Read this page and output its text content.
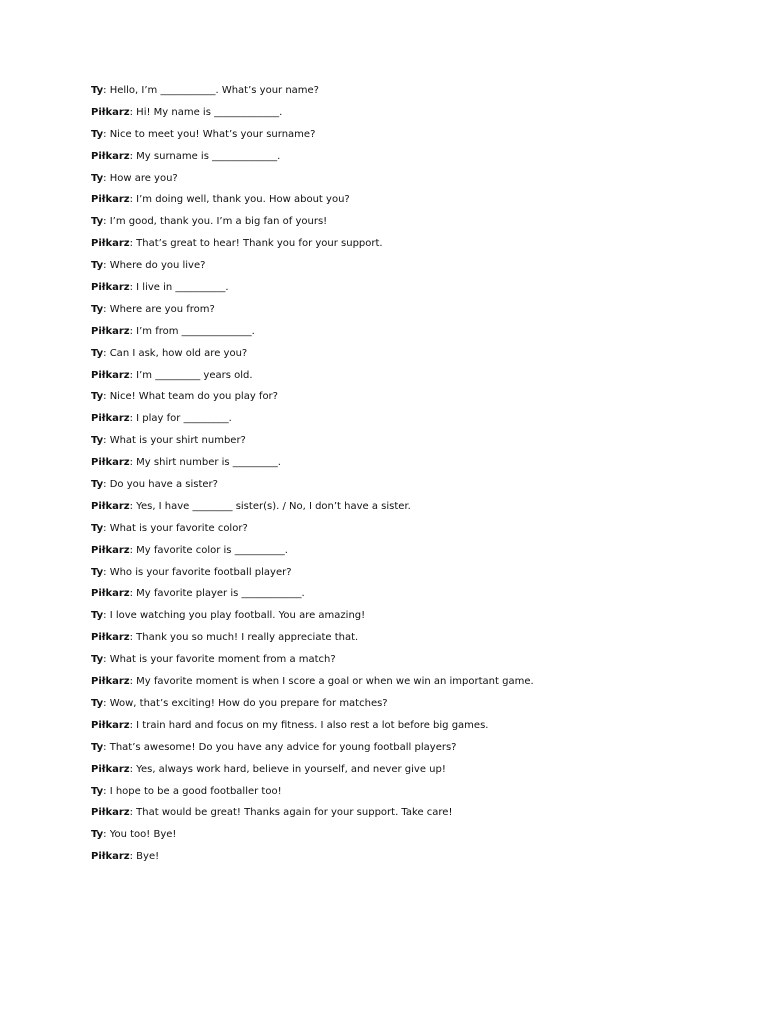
Ty: Hello, I’m ___________. What’s your name?
Piłkarz: Hi! My name is _____________.
Ty: Nice to meet you! What’s your surname?
Piłkarz: My surname is _____________.
Ty: How are you?
Piłkarz: I’m doing well, thank you. How about you?
Ty: I’m good, thank you. I’m a big fan of yours!
Piłkarz: That’s great to hear! Thank you for your support.
Ty: Where do you live?
Piłkarz: I live in __________.
Ty: Where are you from?
Piłkarz: I’m from ______________.
Ty: Can I ask, how old are you?
Piłkarz: I’m _________ years old.
Ty: Nice! What team do you play for?
Piłkarz: I play for _________.
Ty: What is your shirt number?
Piłkarz: My shirt number is _________.
Ty: Do you have a sister?
Piłkarz: Yes, I have ________ sister(s). / No, I don’t have a sister.
Ty: What is your favorite color?
Piłkarz: My favorite color is __________.
Ty: Who is your favorite football player?
Piłkarz: My favorite player is ____________.
Ty: I love watching you play football. You are amazing!
Piłkarz: Thank you so much! I really appreciate that.
Ty: What is your favorite moment from a match?
Piłkarz: My favorite moment is when I score a goal or when we win an important game.
Ty: Wow, that’s exciting! How do you prepare for matches?
Piłkarz: I train hard and focus on my fitness. I also rest a lot before big games.
Ty: That’s awesome! Do you have any advice for young football players?
Piłkarz: Yes, always work hard, believe in yourself, and never give up!
Ty: I hope to be a good footballer too!
Piłkarz: That would be great! Thanks again for your support. Take care!
Ty: You too! Bye!
Piłkarz: Bye!
